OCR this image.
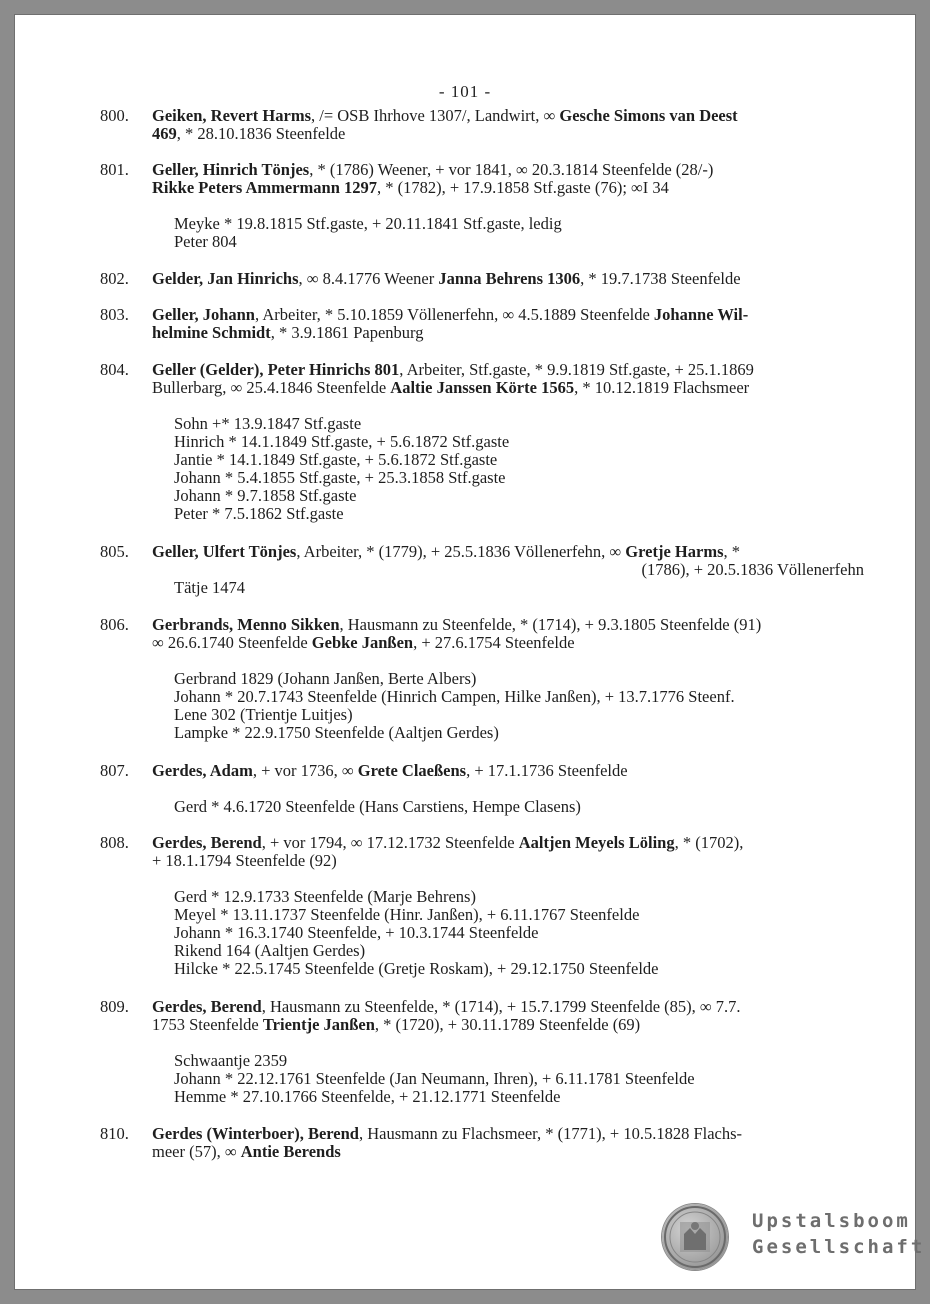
- 101 -
800. Geiken, Revert Harms, /= OSB Ihrhove 1307/, Landwirt, ∞ Gesche Simons van Deest
469, * 28.10.1836 Steenfelde
801. Geller, Hinrich Tönjes, * (1786) Weener, + vor 1841, ∞ 20.3.1814 Steenfelde (28/-)
Rikke Peters Ammermann 1297, * (1782), + 17.9.1858 Stf.gaste (76); ∞I 34
Meyke * 19.8.1815 Stf.gaste, + 20.11.1841 Stf.gaste, ledig
Peter 804
802. Gelder, Jan Hinrichs, ∞ 8.4.1776 Weener Janna Behrens 1306, * 19.7.1738 Steenfelde
803. Geller, Johann, Arbeiter, * 5.10.1859 Völlenerfehn, ∞ 4.5.1889 Steenfelde Johanne Wil-
helmine Schmidt, * 3.9.1861 Papenburg
804. Geller (Gelder), Peter Hinrichs 801, Arbeiter, Stf.gaste, * 9.9.1819 Stf.gaste, + 25.1.1869
Bullerbarg, ∞ 25.4.1846 Steenfelde Aaltie Janssen Körte 1565, * 10.12.1819 Flachsmeer
Sohn +* 13.9.1847 Stf.gaste
Hinrich * 14.1.1849 Stf.gaste, + 5.6.1872 Stf.gaste
Jantie * 14.1.1849 Stf.gaste, + 5.6.1872 Stf.gaste
Johann * 5.4.1855 Stf.gaste, + 25.3.1858 Stf.gaste
Johann * 9.7.1858 Stf.gaste
Peter * 7.5.1862 Stf.gaste
805. Geller, Ulfert Tönjes, Arbeiter, * (1779), + 25.5.1836 Völlenerfehn, ∞ Gretje Harms, *
(1786), + 20.5.1836 Völlenerfehn
Tätje 1474
806. Gerbrands, Menno Sikken, Hausmann zu Steenfelde, * (1714), + 9.3.1805 Steenfelde (91)
∞ 26.6.1740 Steenfelde Gebke Janßen, + 27.6.1754 Steenfelde
Gerbrand 1829 (Johann Janßen, Berte Albers)
Johann * 20.7.1743 Steenfelde (Hinrich Campen, Hilke Janßen), + 13.7.1776 Steenf.
Lene 302 (Trientje Luitjes)
Lampke * 22.9.1750 Steenfelde (Aaltjen Gerdes)
807. Gerdes, Adam, + vor 1736, ∞ Grete Claeßens, + 17.1.1736 Steenfelde
Gerd * 4.6.1720 Steenfelde (Hans Carstiens, Hempe Clasens)
808. Gerdes, Berend, + vor 1794, ∞ 17.12.1732 Steenfelde Aaltjen Meyels Löling, * (1702),
+ 18.1.1794 Steenfelde (92)
Gerd * 12.9.1733 Steenfelde (Marje Behrens)
Meyel * 13.11.1737 Steenfelde (Hinr. Janßen), + 6.11.1767 Steenfelde
Johann * 16.3.1740 Steenfelde, + 10.3.1744 Steenfelde
Rikend 164 (Aaltjen Gerdes)
Hilcke * 22.5.1745 Steenfelde (Gretje Roskam), + 29.12.1750 Steenfelde
809. Gerdes, Berend, Hausmann zu Steenfelde, * (1714), + 15.7.1799 Steenfelde (85), ∞ 7.7.
1753 Steenfelde Trientje Janßen, * (1720), + 30.11.1789 Steenfelde (69)
Schwaantje 2359
Johann * 22.12.1761 Steenfelde (Jan Neumann, Ihren), + 6.11.1781 Steenfelde
Hemme * 27.10.1766 Steenfelde, + 21.12.1771 Steenfelde
810. Gerdes (Winterboer), Berend, Hausmann zu Flachsmeer, * (1771), + 10.5.1828 Flachs-
meer (57), ∞ Antie Berends
Upstalsboom
Gesellschaft
